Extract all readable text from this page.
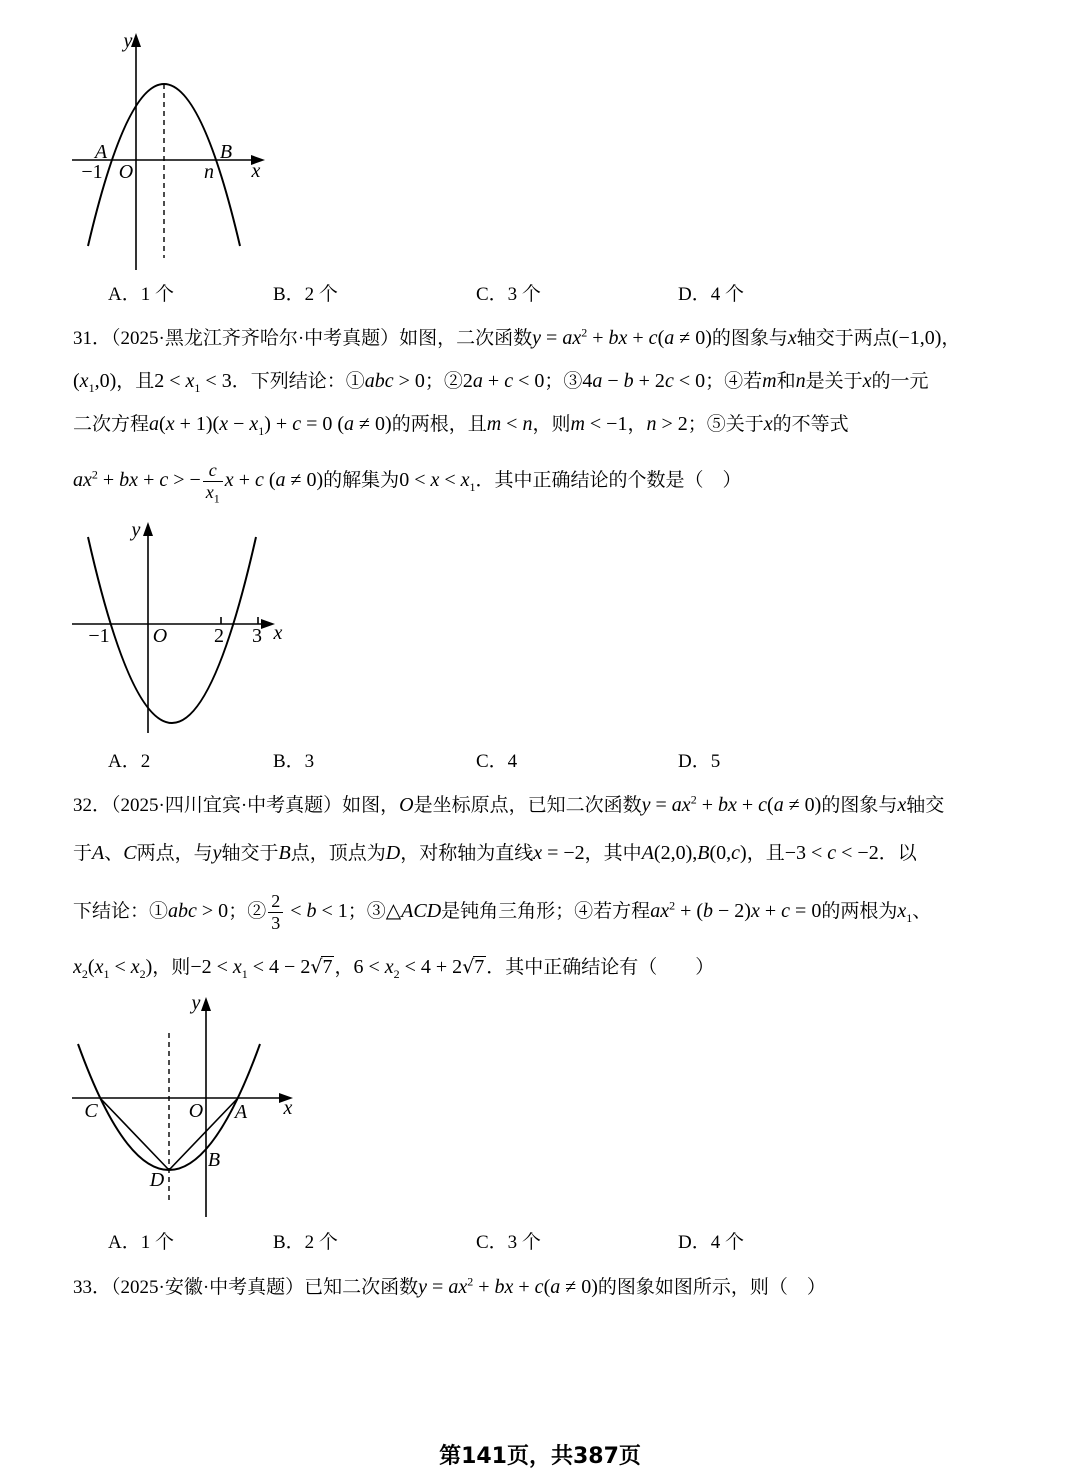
y
x
A	B
−1 O	n
A．1 个	B．2 个	C．3 个	D．4 个
31．（2025·黑龙江齐齐哈尔·中考真题）如图，二次函数$y = ax^2$ + bx + c(a ≠ 0)的图象与x轴交于两点(−1,0)，
$(x_1,0)$，且$2 < x_1 < 3$．下列结论：①abc > 0；②2a + c < 0；③4a − b + 2c < 0；④若m和n是关于x的一元
二次方程$a(x + 1)(x - x_1) + c = 0$ (a ≠ 0)的两根，且m < n，则m < −1，n > 2；⑤关于x的不等式
$ax^2$ + bx + c > − $\frac{c}{x_1}$ x + c (a ≠ 0)的解集为$0 < x < x_1$．其中正确结论的个数是（　）
y
−1 O 2 3 x
A．2	B．3	C．4	D．5
32．（2025·四川宜宾·中考真题）如图，O是坐标原点，已知二次函数$y = ax^2$ + bx + c(a ≠ 0)的图象与x轴交
于A、C两点，与y轴交于B点，顶点为D，对称轴为直线x = −2，其中A(2,0),B(0,c)，且−3 < c < −2．以
下结论：①abc > 0；② $\frac{2}{3} < b < 1$；③△ACD是钝角三角形；④若方程$ax^2 + (b - 2)x + c = 0$的两根为$x_1$、
$x_2(x_1 < x_2)$，则$-2 < x_1 < 4 - 2√7$ ，$6 < x_2 < 4 + 2√7$ ．其中正确结论有（　　）
y
C	O A x
B
D
A．1 个	B．2 个	C．3 个	D．4 个
33．（2025·安徽·中考真题）已知二次函数$y = ax^2$ + bx + c(a ≠ 0)的图象如图所示，则（　）
第141页，共387页
